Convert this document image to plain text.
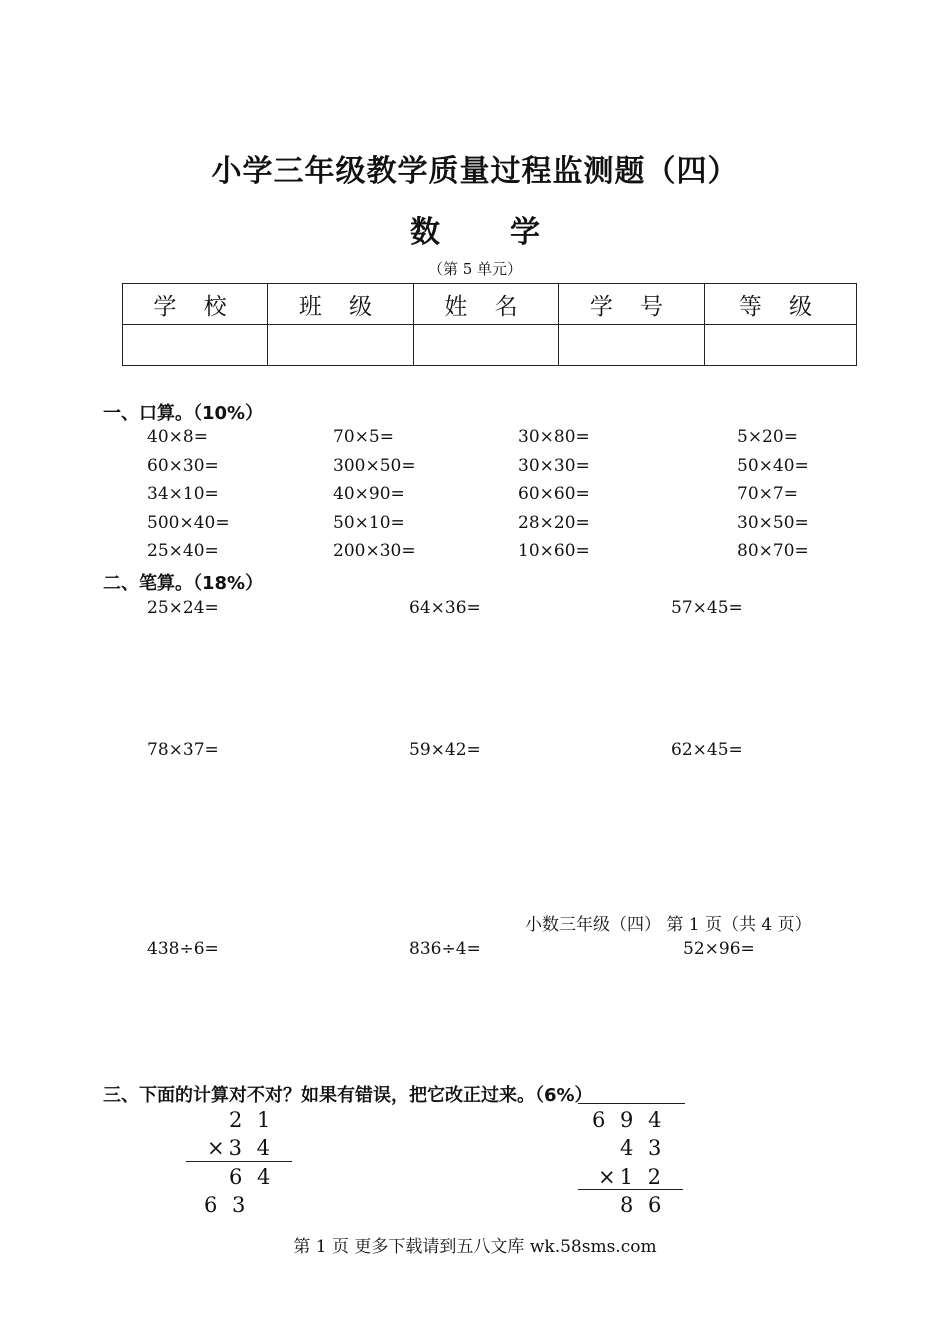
小学三年级教学质量过程监测题（四）
数 学
（第 5 单元）
学 校	班 级	姓 名	学 号	等 级

一、口算。（10%）
40×8=	70×5=	30×80=	5×20=
60×30=	300×50=	30×30=	50×40=
34×10=	40×90=	60×60=	70×7=
500×40=	50×10=	28×20=	30×50=
25×40=	200×30=	10×60=	80×70=
二、笔算。（18%）
25×24=	64×36=	57×45=
78×37=	59×42=	62×45=
小数三年级（四） 第 1 页（共 4 页）
438÷6=	836÷4=	52×96=
三、下面的计算对不对？如果有错误，把它改正过来。（6%）
2 1
×3 4
6 4
6 3
6 9 4
4 3
×1 2
8 6
第 1 页 更多下载请到五八文库 wk.58sms.com
